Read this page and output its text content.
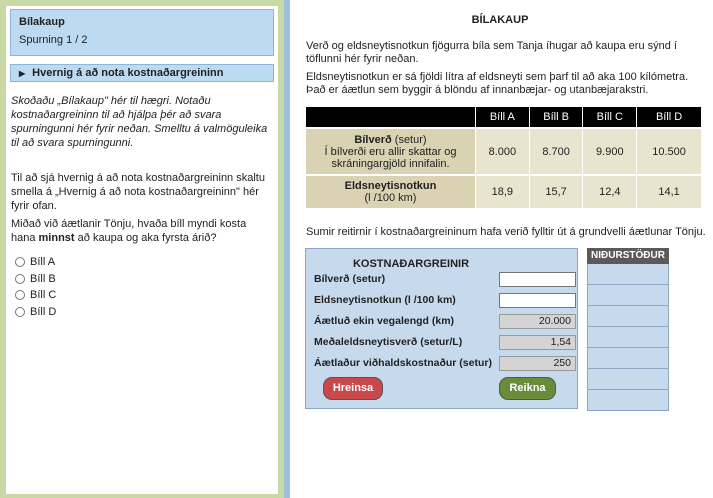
Bílakaup
Spurning 1 / 2
▶ Hvernig á að nota kostnaðargreininn
Skoðaðu „Bílakaup" hér til hægri. Notaðu kostnaðargreininn til að hjálpa þér að svara spurningunni hér fyrir neðan. Smelltu á valmöguleika til að svara spurningunni.
Til að sjá hvernig á að nota kostnaðargreininn skaltu smella á „Hvernig á að nota kostnaðargreininn" hér fyrir ofan.
Miðað við áætlanir Tönju, hvaða bíll myndi kosta hana minnst að kaupa og aka fyrsta árið?
Bíll A
Bíll B
Bíll C
Bíll D
BÍLAKAUP
Verð og eldsneytisnotkun fjögurra bíla sem Tanja íhugar að kaupa eru sýnd í töflunni hér fyrir neðan.
Eldsneytisnotkun er sá fjöldi lítra af eldsneyti sem þarf til að aka 100 kílómetra. Það er áætlun sem byggir á blöndu af innanbæjar- og utanbæjarakstri.
	Bíll A	Bíll B	Bíll C	Bíll D
Bílverð (setur)
Í bílverði eru allir skattar og skráningargjöld innifalin.	8.000	8.700	9.900	10.500
Eldsneytisnotkun
(l /100 km)	18,9	15,7	12,4	14,1
Sumir reitirnir í kostnaðargreininum hafa verið fylltir út á grundvelli áætlunar Tönju.
KOSTNAÐARGREINIR
Bílverð (setur)
Eldsneytisnotkun (l /100 km)
Áætluð ekin vegalengd (km)	20.000
Meðaleldsneytisverð (setur/L)	1,54
Áætlaður viðhaldskostnaður (setur)	250
Hreinsa	Reikna
NIÐURSTÖÐUR
